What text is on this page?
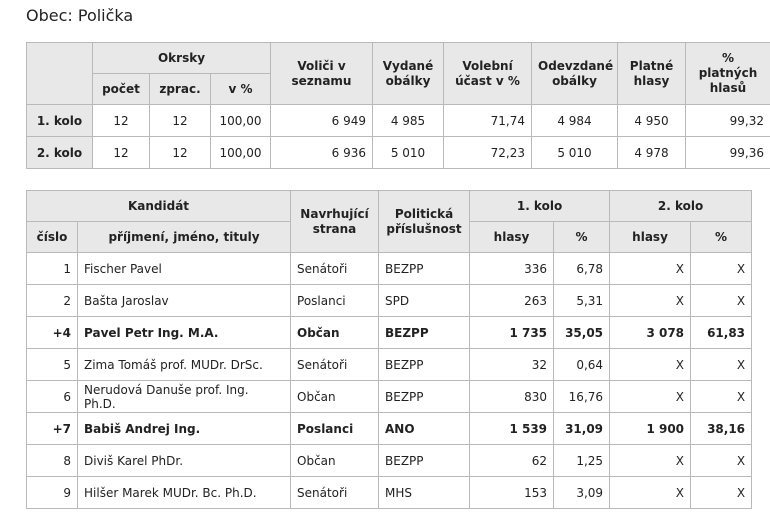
Obec: Polička
	Okrsky			Voliči v seznamu	Vydané obálky	Volební účast v %	Odevzdané obálky	Platné hlasy	% platných hlasů
	počet	zprac.	v %						
1. kolo	12	12	100,00	6 949	4 985	71,74	4 984	4 950	99,32
2. kolo	12	12	100,00	6 936	5 010	72,23	5 010	4 978	99,36
Kandidát		Navrhující strana	Politická příslušnost	1. kolo		2. kolo	
číslo	příjmení, jméno, tituly			hlasy	%	hlasy	%
1	Fischer Pavel	Senátoři	BEZPP	336	6,78	X	X
2	Bašta Jaroslav	Poslanci	SPD	263	5,31	X	X
+4	Pavel Petr Ing. M.A.	Občan	BEZPP	1 735	35,05	3 078	61,83
5	Zima Tomáš prof. MUDr. DrSc.	Senátoři	BEZPP	32	0,64	X	X
6	Nerudová Danuše prof. Ing. Ph.D.	Občan	BEZPP	830	16,76	X	X
+7	Babiš Andrej Ing.	Poslanci	ANO	1 539	31,09	1 900	38,16
8	Diviš Karel PhDr.	Občan	BEZPP	62	1,25	X	X
9	Hilšer Marek MUDr. Bc. Ph.D.	Senátoři	MHS	153	3,09	X	X
